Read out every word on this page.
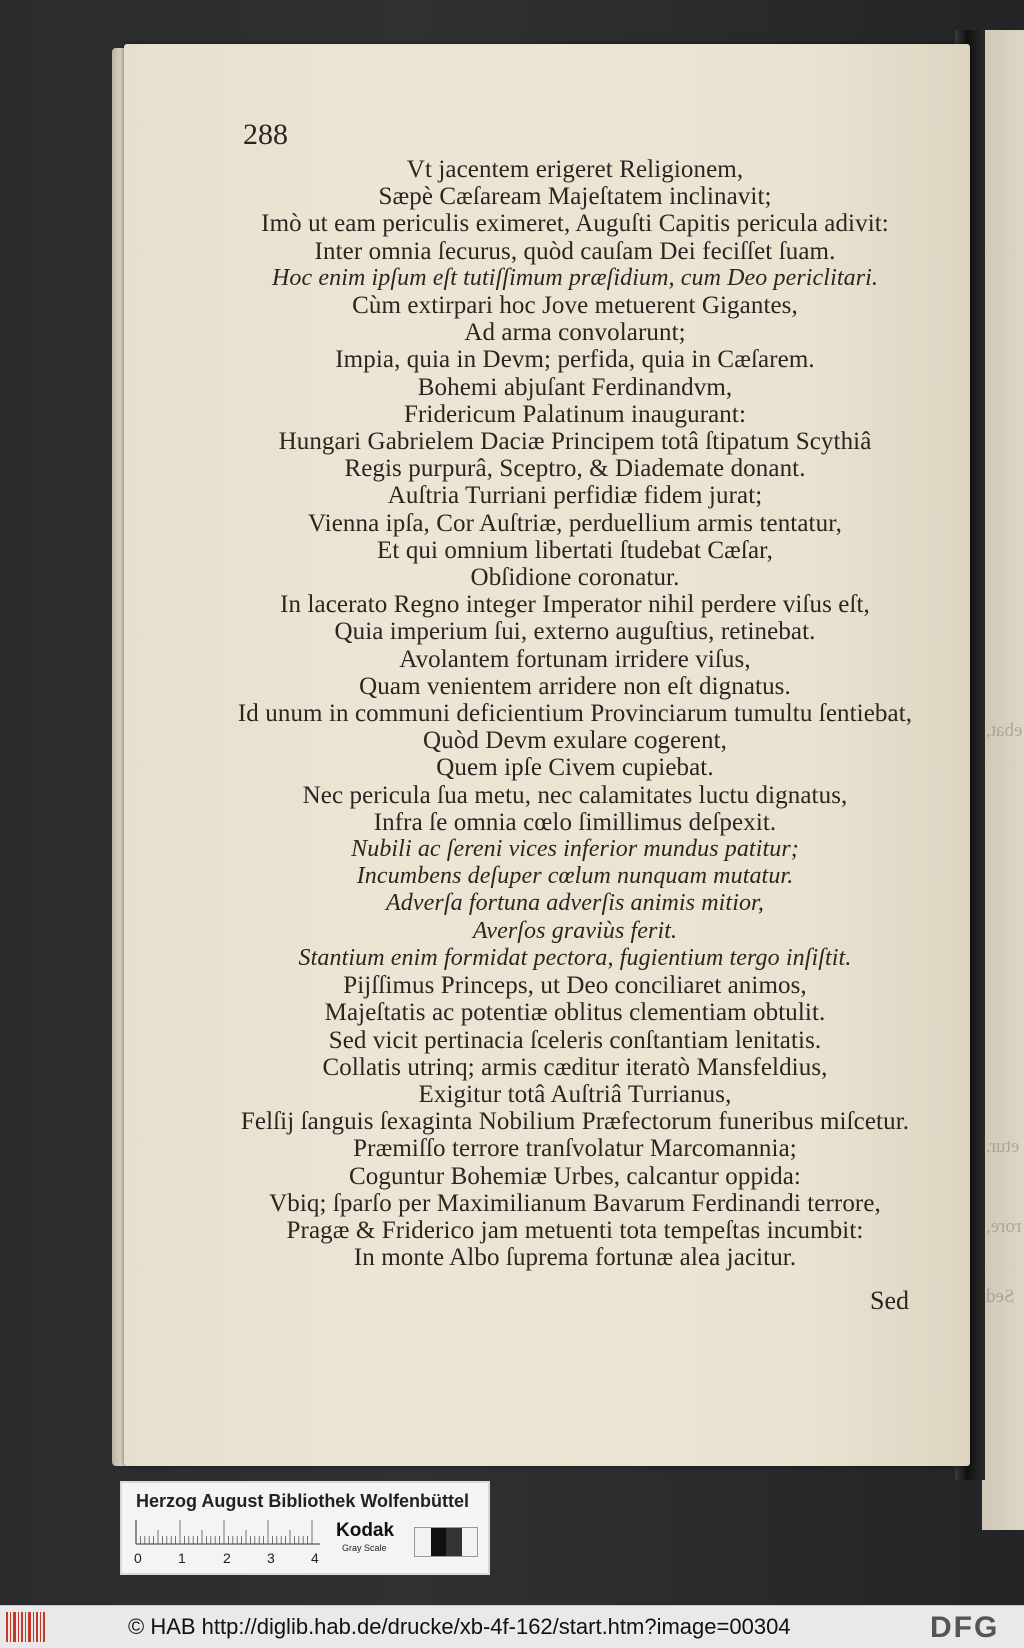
ebat,
etur.
rore,
Sed
288
Vt jacentem erigeret Religionem,
Sæpè Cæſaream Majeſtatem inclinavit;
Imò ut eam periculis eximeret, Auguſti Capitis pericula adivit:
Inter omnia ſecurus, quòd cauſam Dei feciſſet ſuam.
Hoc enim ipſum eſt tutiſſimum præſidium, cum Deo periclitari.
Cùm extirpari hoc Jove metuerent Gigantes,
Ad arma convolarunt;
Impia, quia in Devm; perfida, quia in Cæſarem.
Bohemi abjuſant Ferdinandvm,
Fridericum Palatinum inaugurant:
Hungari Gabrielem Daciæ Principem totâ ſtipatum Scythiâ
Regis purpurâ, Sceptro, & Diademate donant.
Auſtria Turriani perfidiæ fidem jurat;
Vienna ipſa, Cor Auſtriæ, perduellium armis tentatur,
Et qui omnium libertati ſtudebat Cæſar,
Obſidione coronatur.
In lacerato Regno integer Imperator nihil perdere viſus eſt,
Quia imperium ſui, externo auguſtius, retinebat.
Avolantem fortunam irridere viſus,
Quam venientem arridere non eſt dignatus.
Id unum in communi deficientium Provinciarum tumultu ſentiebat,
Quòd Devm exulare cogerent,
Quem ipſe Civem cupiebat.
Nec pericula ſua metu, nec calamitates luctu dignatus,
Infra ſe omnia cœlo ſimillimus deſpexit.
Nubili ac ſereni vices inferior mundus patitur;
Incumbens deſuper cœlum nunquam mutatur.
Adverſa fortuna adverſis animis mitior,
Averſos graviùs ferit.
Stantium enim formidat pectora, fugientium tergo inſiſtit.
Pijſſimus Princeps, ut Deo conciliaret animos,
Majeſtatis ac potentiæ oblitus clementiam obtulit.
Sed vicit pertinacia ſceleris conſtantiam lenitatis.
Collatis utrinq; armis cæditur iteratò Mansfeldius,
Exigitur totâ Auſtriâ Turrianus,
Felſij ſanguis ſexaginta Nobilium Præfectorum funeribus miſcetur.
Præmiſſo terrore tranſvolatur Marcomannia;
Coguntur Bohemiæ Urbes, calcantur oppida:
Vbiq; ſparſo per Maximilianum Bavarum Ferdinandi terrore,
Pragæ & Friderico jam metuenti tota tempeſtas incumbit:
In monte Albo ſuprema fortunæ alea jacitur.
Sed
Herzog August Bibliothek Wolfenbüttel
0	1	2	3	4
Kodak
Gray Scale
© HAB http://diglib.hab.de/drucke/xb-4f-162/start.htm?image=00304	DFG
